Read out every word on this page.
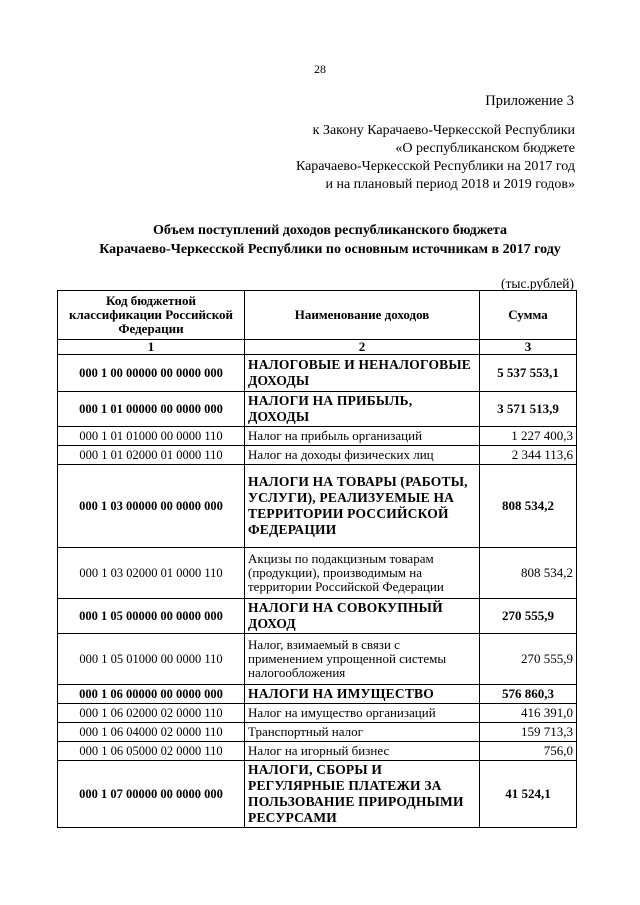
28
Приложение 3
к Закону Карачаево-Черкесской Республики
«О республиканском бюджете
Карачаево-Черкесской Республики на 2017 год
и на плановый период 2018 и 2019 годов»
Объем поступлений доходов республиканского бюджета
Карачаево-Черкесской Республики по основным источникам в 2017 году
(тыс.рублей)
Код бюджетной классификации Российской Федерации	Наименование доходов	Сумма
1	2	3
000 1 00 00000 00 0000 000	НАЛОГОВЫЕ И НЕНАЛОГОВЫЕ ДОХОДЫ	5 537 553,1
000 1 01 00000 00 0000 000	НАЛОГИ НА ПРИБЫЛЬ, ДОХОДЫ	3 571 513,9
000 1 01 01000 00 0000 110	Налог на прибыль организаций	1 227 400,3
000 1 01 02000 01 0000 110	Налог на доходы физических лиц	2 344 113,6
000 1 03 00000 00 0000 000	НАЛОГИ НА ТОВАРЫ (РАБОТЫ, УСЛУГИ), РЕАЛИЗУЕМЫЕ НА ТЕРРИТОРИИ РОССИЙСКОЙ ФЕДЕРАЦИИ	808 534,2
000 1 03 02000 01 0000 110	Акцизы по подакцизным товарам (продукции), производимым на территории Российской Федерации	808 534,2
000 1 05 00000 00 0000 000	НАЛОГИ НА СОВОКУПНЫЙ ДОХОД	270 555,9
000 1 05 01000 00 0000 110	Налог, взимаемый в связи с применением упрощенной системы налогообложения	270 555,9
000 1 06 00000 00 0000 000	НАЛОГИ НА ИМУЩЕСТВО	576 860,3
000 1 06 02000 02 0000 110	Налог на имущество организаций	416 391,0
000 1 06 04000 02 0000 110	Транспортный налог	159 713,3
000 1 06 05000 02 0000 110	Налог на игорный бизнес	756,0
000 1 07 00000 00 0000 000	НАЛОГИ, СБОРЫ И РЕГУЛЯРНЫЕ ПЛАТЕЖИ ЗА ПОЛЬЗОВАНИЕ ПРИРОДНЫМИ РЕСУРСАМИ	41 524,1
